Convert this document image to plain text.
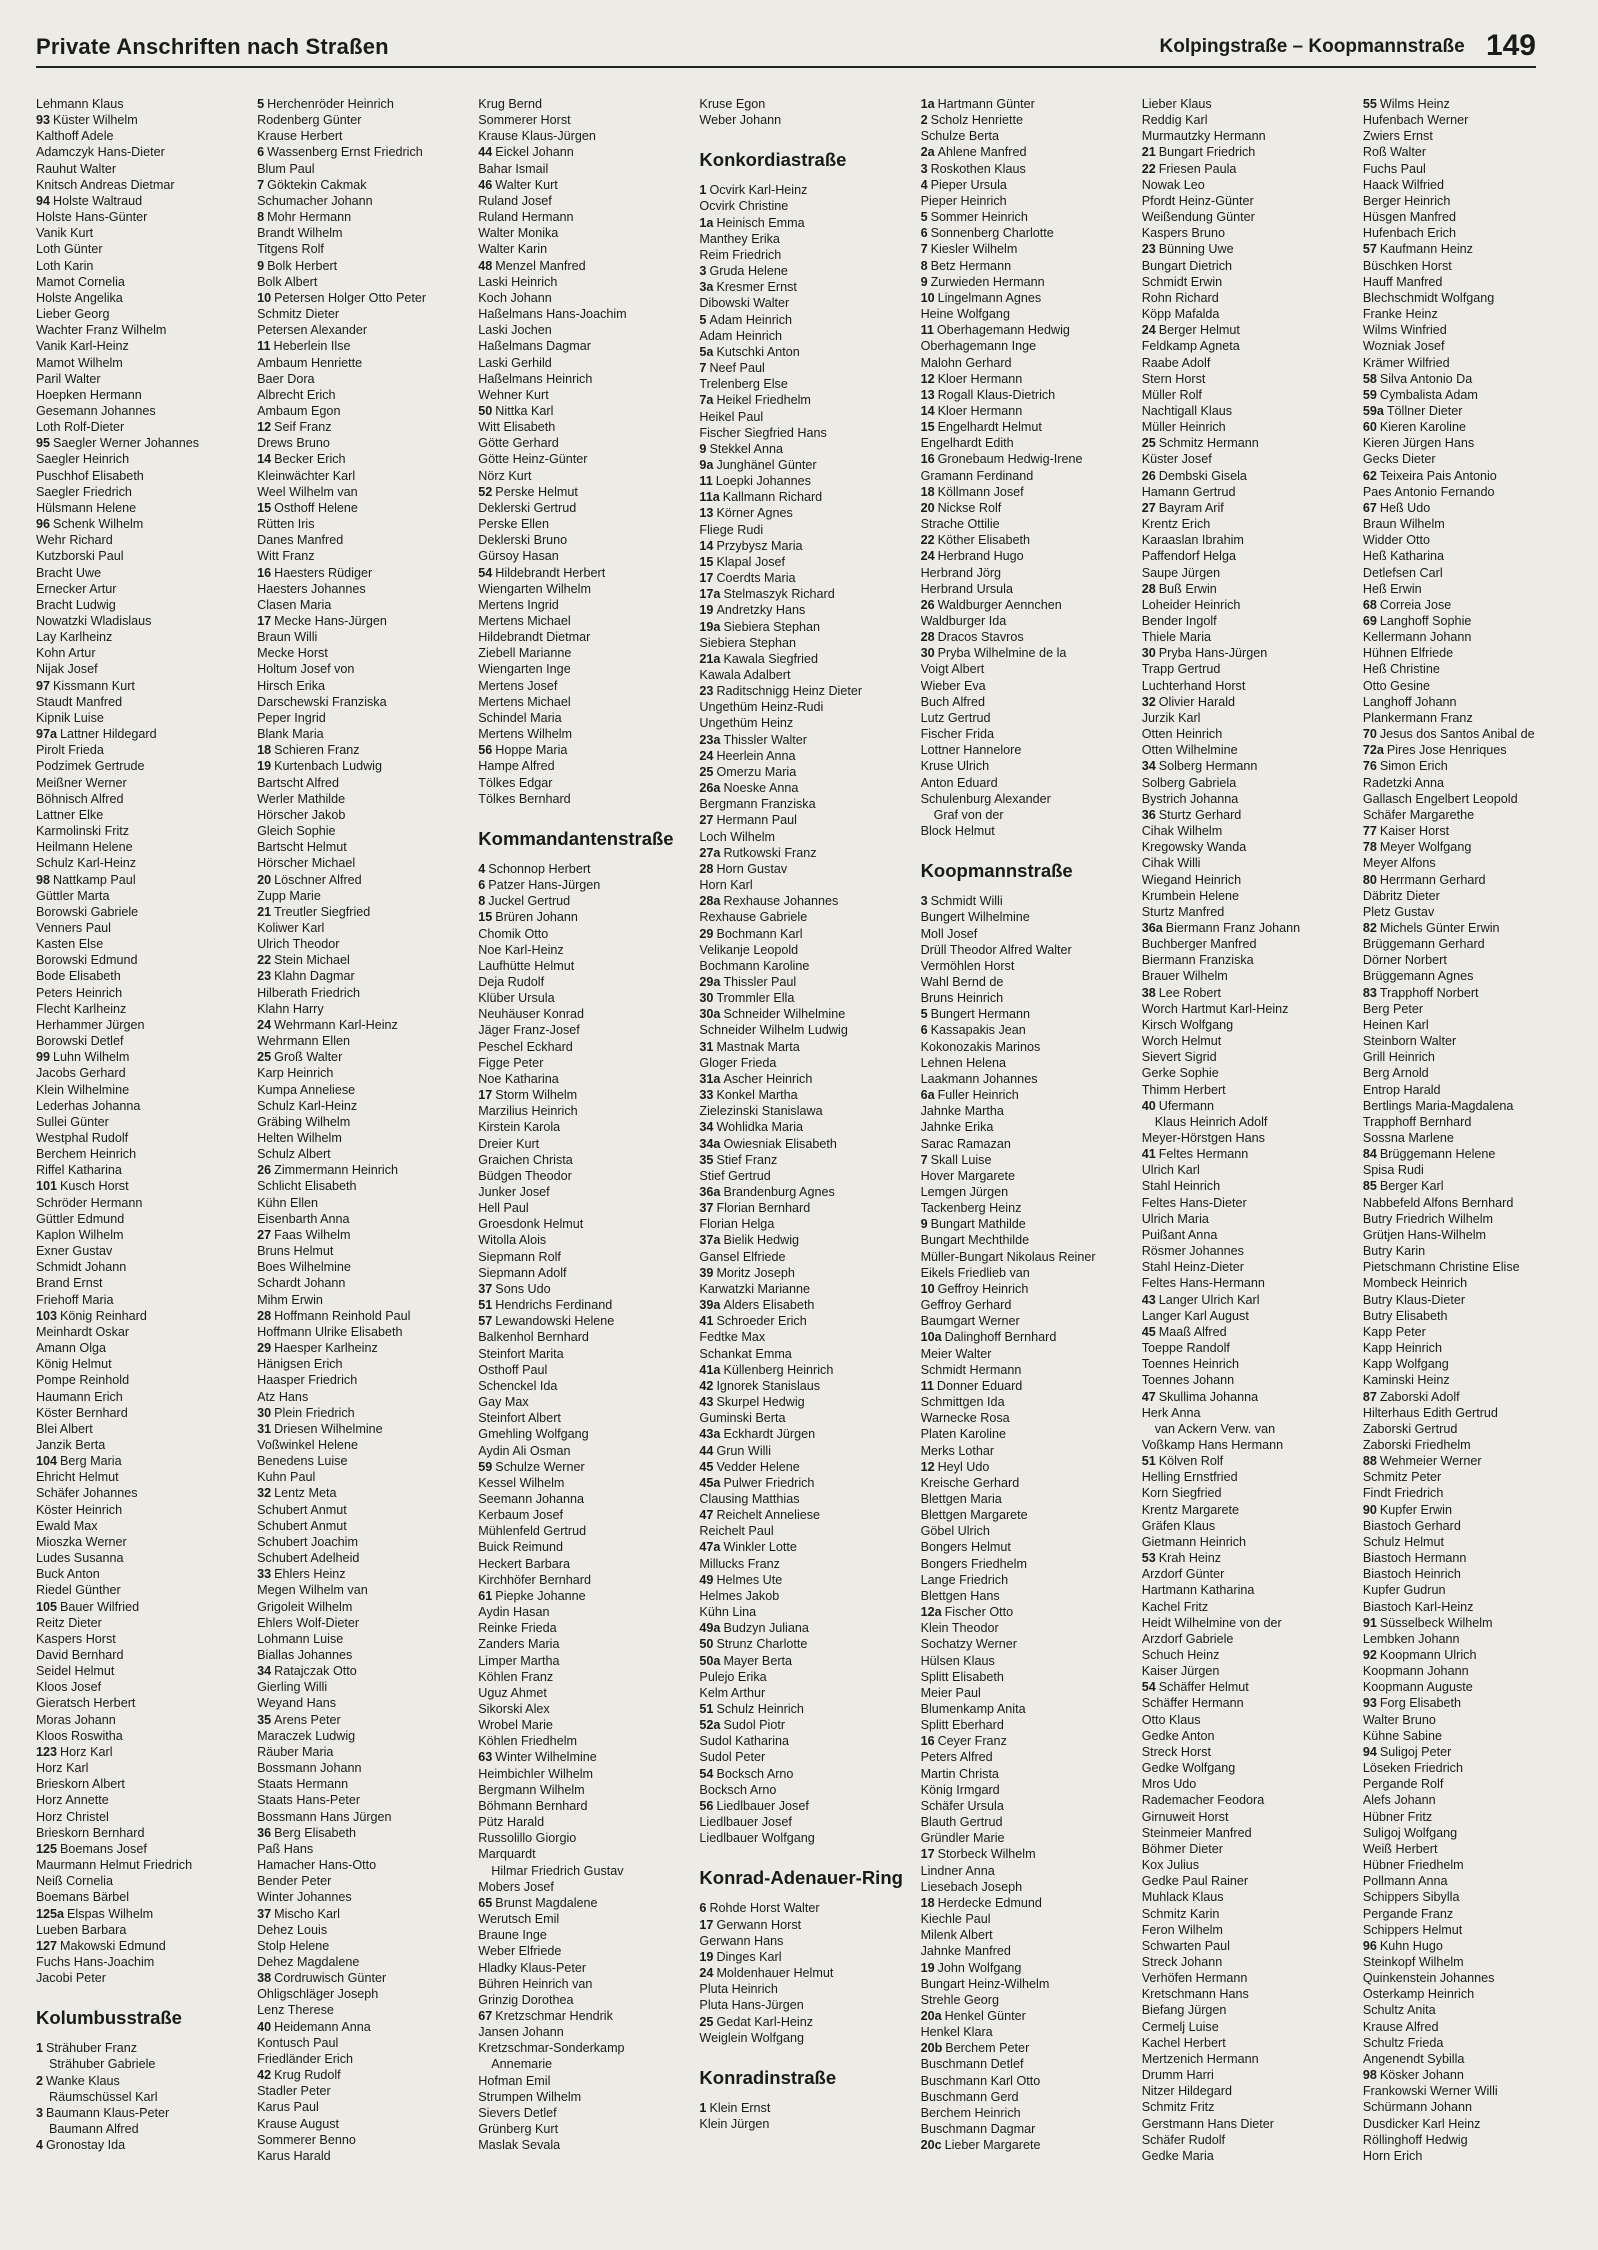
Private Anschriften nach Straßen	Kolpingstraße – Koopmannstraße 149
Lehmann Klaus
93 Küster Wilhelm
Kalthoff Adele
Adamczyk Hans-Dieter
Rauhut Walter
Knitsch Andreas Dietmar
94 Holste Waltraud
Holste Hans-Günter
Vanik Kurt
Loth Günter
Loth Karin
Mamot Cornelia
Holste Angelika
Lieber Georg
Wachter Franz Wilhelm
Vanik Karl-Heinz
Mamot Wilhelm
Paril Walter
Hoepken Hermann
Gesemann Johannes
Loth Rolf-Dieter
95 Saegler Werner Johannes
Saegler Heinrich
Puschhof Elisabeth
Saegler Friedrich
Hülsmann Helene
96 Schenk Wilhelm
Wehr Richard
Kutzborski Paul
Bracht Uwe
Ernecker Artur
Bracht Ludwig
Nowatzki Wladislaus
Lay Karlheinz
Kohn Artur
Nijak Josef
97 Kissmann Kurt
Staudt Manfred
Kipnik Luise
97a Lattner Hildegard
Pirolt Frieda
Podzimek Gertrude
Meißner Werner
Böhnisch Alfred
Lattner Elke
Karmolinski Fritz
Heilmann Helene
Schulz Karl-Heinz
98 Nattkamp Paul
Güttler Marta
Borowski Gabriele
Venners Paul
Kasten Else
Borowski Edmund
Bode Elisabeth
Peters Heinrich
Flecht Karlheinz
Herhammer Jürgen
Borowski Detlef
99 Luhn Wilhelm
Jacobs Gerhard
Klein Wilhelmine
Lederhas Johanna
Sullei Günter
Westphal Rudolf
Berchem Heinrich
Riffel Katharina
101 Kusch Horst
Schröder Hermann
Güttler Edmund
Kaplon Wilhelm
Exner Gustav
Schmidt Johann
Brand Ernst
Friehoff Maria
103 König Reinhard
Meinhardt Oskar
Amann Olga
König Helmut
Pompe Reinhold
Haumann Erich
Köster Bernhard
Blei Albert
Janzik Berta
104 Berg Maria
Ehricht Helmut
Schäfer Johannes
Köster Heinrich
Ewald Max
Mioszka Werner
Ludes Susanna
Buck Anton
Riedel Günther
105 Bauer Wilfried
Reitz Dieter
Kaspers Horst
David Bernhard
Seidel Helmut
Kloos Josef
Gieratsch Herbert
Moras Johann
Kloos Roswitha
123 Horz Karl
Horz Karl
Brieskorn Albert
Horz Annette
Horz Christel
Brieskorn Bernhard
125 Boemans Josef
Maurmann Helmut Friedrich
Neiß Cornelia
Boemans Bärbel
125a Elspas Wilhelm
Lueben Barbara
127 Makowski Edmund
Fuchs Hans-Joachim
Jacobi Peter
Kolumbusstraße
1 Strähuber Franz
Strähuber Gabriele
2 Wanke Klaus
Räumschüssel Karl
3 Baumann Klaus-Peter
Baumann Alfred
4 Gronostay Ida
5 Herchenröder Heinrich
Rodenberg Günter
Krause Herbert
6 Wassenberg Ernst Friedrich
Blum Paul
7 Göktekin Cakmak
Schumacher Johann
8 Mohr Hermann
Brandt Wilhelm
Titgens Rolf
9 Bolk Herbert
Bolk Albert
10 Petersen Holger Otto Peter
Schmitz Dieter
Petersen Alexander
11 Heberlein Ilse
Ambaum Henriette
Baer Dora
Albrecht Erich
Ambaum Egon
12 Seif Franz
Drews Bruno
14 Becker Erich
Kleinwächter Karl
Weel Wilhelm van
15 Osthoff Helene
Rütten Iris
Danes Manfred
Witt Franz
16 Haesters Rüdiger
Haesters Johannes
Clasen Maria
17 Mecke Hans-Jürgen
Braun Willi
Mecke Horst
Holtum Josef von
Hirsch Erika
Darschewski Franziska
Peper Ingrid
Blank Maria
18 Schieren Franz
19 Kurtenbach Ludwig
Bartscht Alfred
Werler Mathilde
Hörscher Jakob
Gleich Sophie
Bartscht Helmut
Hörscher Michael
20 Löschner Alfred
Zupp Marie
21 Treutler Siegfried
Koliwer Karl
Ulrich Theodor
22 Stein Michael
23 Klahn Dagmar
Hilberath Friedrich
Klahn Harry
24 Wehrmann Karl-Heinz
Wehrmann Ellen
25 Groß Walter
Karp Heinrich
Kumpa Anneliese
Schulz Karl-Heinz
Gräbing Wilhelm
Helten Wilhelm
Schulz Albert
26 Zimmermann Heinrich
Schlicht Elisabeth
Kühn Ellen
Eisenbarth Anna
27 Faas Wilhelm
Bruns Helmut
Boes Wilhelmine
Schardt Johann
Mihm Erwin
28 Hoffmann Reinhold Paul
Hoffmann Ulrike Elisabeth
29 Haesper Karlheinz
Hänigsen Erich
Haasper Friedrich
Atz Hans
30 Plein Friedrich
31 Driesen Wilhelmine
Voßwinkel Helene
Benedens Luise
Kuhn Paul
32 Lentz Meta
Schubert Anmut
Schubert Anmut
Schubert Joachim
Schubert Adelheid
33 Ehlers Heinz
Megen Wilhelm van
Grigoleit Wilhelm
Ehlers Wolf-Dieter
Lohmann Luise
Biallas Johannes
34 Ratajczak Otto
Gierling Willi
Weyand Hans
35 Arens Peter
Maraczek Ludwig
Räuber Maria
Bossmann Johann
Staats Hermann
Staats Hans-Peter
Bossmann Hans Jürgen
36 Berg Elisabeth
Paß Hans
Hamacher Hans-Otto
Bender Peter
Winter Johannes
37 Mischo Karl
Dehez Louis
Stolp Helene
Dehez Magdalene
38 Cordruwisch Günter
Ohligschläger Joseph
Lenz Therese
40 Heidemann Anna
Kontusch Paul
Friedländer Erich
42 Krug Rudolf
Stadler Peter
Karus Paul
Krause August
Sommerer Benno
Karus Harald
Krug Bernd
Sommerer Horst
Krause Klaus-Jürgen
44 Eickel Johann
Bahar Ismail
46 Walter Kurt
Ruland Josef
Ruland Hermann
Walter Monika
Walter Karin
48 Menzel Manfred
Laski Heinrich
Koch Johann
Haßelmans Hans-Joachim
Laski Jochen
Haßelmans Dagmar
Laski Gerhild
Haßelmans Heinrich
Wehner Kurt
50 Nittka Karl
Witt Elisabeth
Götte Gerhard
Götte Heinz-Günter
Nörz Kurt
52 Perske Helmut
Deklerski Gertrud
Perske Ellen
Deklerski Bruno
Gürsoy Hasan
54 Hildebrandt Herbert
Wiengarten Wilhelm
Mertens Ingrid
Mertens Michael
Hildebrandt Dietmar
Ziebell Marianne
Wiengarten Inge
Mertens Josef
Mertens Michael
Schindel Maria
Mertens Wilhelm
56 Hoppe Maria
Hampe Alfred
Tölkes Edgar
Tölkes Bernhard
Kommandantenstraße
4 Schonnop Herbert
6 Patzer Hans-Jürgen
8 Juckel Gertrud
15 Brüren Johann
Chomik Otto
Noe Karl-Heinz
Laufhütte Helmut
Deja Rudolf
Klüber Ursula
Neuhäuser Konrad
Jäger Franz-Josef
Peschel Eckhard
Figge Peter
Noe Katharina
17 Storm Wilhelm
Marzilius Heinrich
Kirstein Karola
Dreier Kurt
Graichen Christa
Büdgen Theodor
Junker Josef
Hell Paul
Groesdonk Helmut
Witolla Alois
Siepmann Rolf
Siepmann Adolf
37 Sons Udo
51 Hendrichs Ferdinand
57 Lewandowski Helene
Balkenhol Bernhard
Steinfort Marita
Osthoff Paul
Schenckel Ida
Gay Max
Steinfort Albert
Gmehling Wolfgang
Aydin Ali Osman
59 Schulze Werner
Kessel Wilhelm
Seemann Johanna
Kerbaum Josef
Mühlenfeld Gertrud
Buick Reimund
Heckert Barbara
Kirchhöfer Bernhard
61 Piepke Johanne
Aydin Hasan
Reinke Frieda
Zanders Maria
Limper Martha
Köhlen Franz
Uguz Ahmet
Sikorski Alex
Wrobel Marie
Köhlen Friedhelm
63 Winter Wilhelmine
Heimbichler Wilhelm
Bergmann Wilhelm
Böhmann Bernhard
Pütz Harald
Russolillo Giorgio
Marquardt
Hilmar Friedrich Gustav
Mobers Josef
65 Brunst Magdalene
Werutsch Emil
Braune Inge
Weber Elfriede
Hladky Klaus-Peter
Bühren Heinrich van
Grinzig Dorothea
67 Kretzschmar Hendrik
Jansen Johann
Kretzschmar-Sonderkamp
Annemarie
Hofman Emil
Strumpen Wilhelm
Sievers Detlef
Grünberg Kurt
Maslak Sevala
Kruse Egon
Weber Johann
Konkordiastraße
1 Ocvirk Karl-Heinz
Ocvirk Christine
1a Heinisch Emma
Manthey Erika
Reim Friedrich
3 Gruda Helene
3a Kresmer Ernst
Dibowski Walter
5 Adam Heinrich
Adam Heinrich
5a Kutschki Anton
7 Neef Paul
Trelenberg Else
7a Heikel Friedhelm
Heikel Paul
Fischer Siegfried Hans
9 Stekkel Anna
9a Junghänel Günter
11 Loepki Johannes
11a Kallmann Richard
13 Körner Agnes
Fliege Rudi
14 Przybysz Maria
15 Klapal Josef
17 Coerdts Maria
17a Stelmaszyk Richard
19 Andretzky Hans
19a Siebiera Stephan
Siebiera Stephan
21a Kawala Siegfried
Kawala Adalbert
23 Raditschnigg Heinz Dieter
Ungethüm Heinz-Rudi
Ungethüm Heinz
23a Thissler Walter
24 Heerlein Anna
25 Omerzu Maria
26a Noeske Anna
Bergmann Franziska
27 Hermann Paul
Loch Wilhelm
27a Rutkowski Franz
28 Horn Gustav
Horn Karl
28a Rexhause Johannes
Rexhause Gabriele
29 Bochmann Karl
Velikanje Leopold
Bochmann Karoline
29a Thissler Paul
30 Trommler Ella
30a Schneider Wilhelmine
Schneider Wilhelm Ludwig
31 Mastnak Marta
Gloger Frieda
31a Ascher Heinrich
33 Konkel Martha
Zielezinski Stanislawa
34 Wohlidka Maria
34a Owiesniak Elisabeth
35 Stief Franz
Stief Gertrud
36a Brandenburg Agnes
37 Florian Bernhard
Florian Helga
37a Bielik Hedwig
Gansel Elfriede
39 Moritz Joseph
Karwatzki Marianne
39a Alders Elisabeth
41 Schroeder Erich
Fedtke Max
Schankat Emma
41a Küllenberg Heinrich
42 Ignorek Stanislaus
43 Skurpel Hedwig
Guminski Berta
43a Eckhardt Jürgen
44 Grun Willi
45 Vedder Helene
45a Pulwer Friedrich
Clausing Matthias
47 Reichelt Anneliese
Reichelt Paul
47a Winkler Lotte
Millucks Franz
49 Helmes Ute
Helmes Jakob
Kühn Lina
49a Budzyn Juliana
50 Strunz Charlotte
50a Mayer Berta
Pulejo Erika
Kelm Arthur
51 Schulz Heinrich
52a Sudol Piotr
Sudol Katharina
Sudol Peter
54 Bocksch Arno
Bocksch Arno
56 Liedlbauer Josef
Liedlbauer Josef
Liedlbauer Wolfgang
Konrad-Adenauer-Ring
6 Rohde Horst Walter
17 Gerwann Horst
Gerwann Hans
19 Dinges Karl
24 Moldenhauer Helmut
Pluta Heinrich
Pluta Hans-Jürgen
25 Gedat Karl-Heinz
Weiglein Wolfgang
Konradinstraße
1 Klein Ernst
Klein Jürgen
1a Hartmann Günter
2 Scholz Henriette
Schulze Berta
2a Ahlene Manfred
3 Roskothen Klaus
4 Pieper Ursula
Pieper Heinrich
5 Sommer Heinrich
6 Sonnenberg Charlotte
7 Kiesler Wilhelm
8 Betz Hermann
9 Zurwieden Hermann
10 Lingelmann Agnes
Heine Wolfgang
11 Oberhagemann Hedwig
Oberhagemann Inge
Malohn Gerhard
12 Kloer Hermann
13 Rogall Klaus-Dietrich
14 Kloer Hermann
15 Engelhardt Helmut
Engelhardt Edith
16 Gronebaum Hedwig-Irene
Gramann Ferdinand
18 Köllmann Josef
20 Nickse Rolf
Strache Ottilie
22 Köther Elisabeth
24 Herbrand Hugo
Herbrand Jörg
Herbrand Ursula
26 Waldburger Aennchen
Waldburger Ida
28 Dracos Stavros
30 Pryba Wilhelmine de la
Voigt Albert
Wieber Eva
Buch Alfred
Lutz Gertrud
Fischer Frida
Lottner Hannelore
Kruse Ulrich
Anton Eduard
Schulenburg Alexander
Graf von der
Block Helmut
Koopmannstraße
3 Schmidt Willi
Bungert Wilhelmine
Moll Josef
Drüll Theodor Alfred Walter
Vermöhlen Horst
Wahl Bernd de
Bruns Heinrich
5 Bungert Hermann
6 Kassapakis Jean
Kokonozakis Marinos
Lehnen Helena
Laakmann Johannes
6a Fuller Heinrich
Jahnke Martha
Jahnke Erika
Sarac Ramazan
7 Skall Luise
Hover Margarete
Lemgen Jürgen
Tackenberg Heinz
9 Bungart Mathilde
Bungart Mechthilde
Müller-Bungart Nikolaus Reiner
Eikels Friedlieb van
10 Geffroy Heinrich
Geffroy Gerhard
Baumgart Werner
10a Dalinghoff Bernhard
Meier Walter
Schmidt Hermann
11 Donner Eduard
Schmittgen Ida
Warnecke Rosa
Platen Karoline
Merks Lothar
12 Heyl Udo
Kreische Gerhard
Blettgen Maria
Blettgen Margarete
Göbel Ulrich
Bongers Helmut
Bongers Friedhelm
Lange Friedrich
Blettgen Hans
12a Fischer Otto
Klein Theodor
Sochatzy Werner
Hülsen Klaus
Splitt Elisabeth
Meier Paul
Blumenkamp Anita
Splitt Eberhard
16 Ceyer Franz
Peters Alfred
Martin Christa
König Irmgard
Schäfer Ursula
Blauth Gertrud
Gründler Marie
17 Storbeck Wilhelm
Lindner Anna
Liesebach Joseph
18 Herdecke Edmund
Kiechle Paul
Milenk Albert
Jahnke Manfred
19 John Wolfgang
Bungart Heinz-Wilhelm
Strehle Georg
20a Henkel Günter
Henkel Klara
20b Berchem Peter
Buschmann Detlef
Buschmann Karl Otto
Buschmann Gerd
Berchem Heinrich
Buschmann Dagmar
20c Lieber Margarete
Lieber Klaus
Reddig Karl
Murmautzky Hermann
21 Bungart Friedrich
22 Friesen Paula
Nowak Leo
Pfordt Heinz-Günter
Weißendung Günter
Kaspers Bruno
23 Bünning Uwe
Bungart Dietrich
Schmidt Erwin
Rohn Richard
Köpp Mafalda
24 Berger Helmut
Feldkamp Agneta
Raabe Adolf
Stern Horst
Müller Rolf
Nachtigall Klaus
Müller Heinrich
25 Schmitz Hermann
Küster Josef
26 Dembski Gisela
Hamann Gertrud
27 Bayram Arif
Krentz Erich
Karaaslan Ibrahim
Paffendorf Helga
Saupe Jürgen
28 Buß Erwin
Loheider Heinrich
Bender Ingolf
Thiele Maria
30 Pryba Hans-Jürgen
Trapp Gertrud
Luchterhand Horst
32 Olivier Harald
Jurzik Karl
Otten Heinrich
Otten Wilhelmine
34 Solberg Hermann
Solberg Gabriela
Bystrich Johanna
36 Sturtz Gerhard
Cihak Wilhelm
Kregowsky Wanda
Cihak Willi
Wiegand Heinrich
Krumbein Helene
Sturtz Manfred
36a Biermann Franz Johann
Buchberger Manfred
Biermann Franziska
Brauer Wilhelm
38 Lee Robert
Worch Hartmut Karl-Heinz
Kirsch Wolfgang
Worch Helmut
Sievert Sigrid
Gerke Sophie
Thimm Herbert
40 Ufermann
Klaus Heinrich Adolf
Meyer-Hörstgen Hans
41 Feltes Hermann
Ulrich Karl
Stahl Heinrich
Feltes Hans-Dieter
Ulrich Maria
Puißant Anna
Rösmer Johannes
Stahl Heinz-Dieter
Feltes Hans-Hermann
43 Langer Ulrich Karl
Langer Karl August
45 Maaß Alfred
Toeppe Randolf
Toennes Heinrich
Toennes Johann
47 Skullima Johanna
Herk Anna
van Ackern Verw. van
Voßkamp Hans Hermann
51 Kölven Rolf
Helling Ernstfried
Korn Siegfried
Krentz Margarete
Gräfen Klaus
Gietmann Heinrich
53 Krah Heinz
Arzdorf Günter
Hartmann Katharina
Kachel Fritz
Heidt Wilhelmine von der
Arzdorf Gabriele
Schuch Heinz
Kaiser Jürgen
54 Schäffer Helmut
Schäffer Hermann
Otto Klaus
Gedke Anton
Streck Horst
Gedke Wolfgang
Mros Udo
Rademacher Feodora
Girnuweit Horst
Steinmeier Manfred
Böhmer Dieter
Kox Julius
Gedke Paul Rainer
Muhlack Klaus
Schmitz Karin
Feron Wilhelm
Schwarten Paul
Streck Johann
Verhöfen Hermann
Kretschmann Hans
Biefang Jürgen
Cermelj Luise
Kachel Herbert
Mertzenich Hermann
Drumm Harri
Nitzer Hildegard
Schmitz Fritz
Gerstmann Hans Dieter
Schäfer Rudolf
Gedke Maria
55 Wilms Heinz
Hufenbach Werner
Zwiers Ernst
Roß Walter
Fuchs Paul
Haack Wilfried
Berger Heinrich
Hüsgen Manfred
Hufenbach Erich
57 Kaufmann Heinz
Büschken Horst
Hauff Manfred
Blechschmidt Wolfgang
Franke Heinz
Wilms Winfried
Wozniak Josef
Krämer Wilfried
58 Silva Antonio Da
59 Cymbalista Adam
59a Töllner Dieter
60 Kieren Karoline
Kieren Jürgen Hans
Gecks Dieter
62 Teixeira Pais Antonio
Paes Antonio Fernando
67 Heß Udo
Braun Wilhelm
Widder Otto
Heß Katharina
Detlefsen Carl
Heß Erwin
68 Correia Jose
69 Langhoff Sophie
Kellermann Johann
Hühnen Elfriede
Heß Christine
Otto Gesine
Langhoff Johann
Plankermann Franz
70 Jesus dos Santos Anibal de
72a Pires Jose Henriques
76 Simon Erich
Radetzki Anna
Gallasch Engelbert Leopold
Schäfer Margarethe
77 Kaiser Horst
78 Meyer Wolfgang
Meyer Alfons
80 Herrmann Gerhard
Däbritz Dieter
Pletz Gustav
82 Michels Günter Erwin
Brüggemann Gerhard
Dörner Norbert
Brüggemann Agnes
83 Trapphoff Norbert
Berg Peter
Heinen Karl
Steinborn Walter
Grill Heinrich
Berg Arnold
Entrop Harald
Bertlings Maria-Magdalena
Trapphoff Bernhard
Sossna Marlene
84 Brüggemann Helene
Spisa Rudi
85 Berger Karl
Nabbefeld Alfons Bernhard
Butry Friedrich Wilhelm
Grütjen Hans-Wilhelm
Butry Karin
Pietschmann Christine Elise
Mombeck Heinrich
Butry Klaus-Dieter
Butry Elisabeth
Kapp Peter
Kapp Heinrich
Kapp Wolfgang
Kaminski Heinz
87 Zaborski Adolf
Hilterhaus Edith Gertrud
Zaborski Gertrud
Zaborski Friedhelm
88 Wehmeier Werner
Schmitz Peter
Findt Friedrich
90 Kupfer Erwin
Biastoch Gerhard
Schulz Helmut
Biastoch Hermann
Biastoch Heinrich
Kupfer Gudrun
Biastoch Karl-Heinz
91 Süsselbeck Wilhelm
Lembken Johann
92 Koopmann Ulrich
Koopmann Johann
Koopmann Auguste
93 Forg Elisabeth
Walter Bruno
Kühne Sabine
94 Suligoj Peter
Lösеken Friedrich
Pergande Rolf
Alefs Johann
Hübner Fritz
Suligoj Wolfgang
Weiß Herbert
Hübner Friedhelm
Pollmann Anna
Schippers Sibylla
Pergande Franz
Schippers Helmut
96 Kuhn Hugo
Steinkopf Wilhelm
Quinkenstein Johannes
Osterkamp Heinrich
Schultz Anita
Krause Alfred
Schultz Frieda
Angenendt Sybilla
98 Kösker Johann
Frankowski Werner Willi
Schürmann Johann
Dusdicker Karl Heinz
Röllinghoff Hedwig
Horn Erich
